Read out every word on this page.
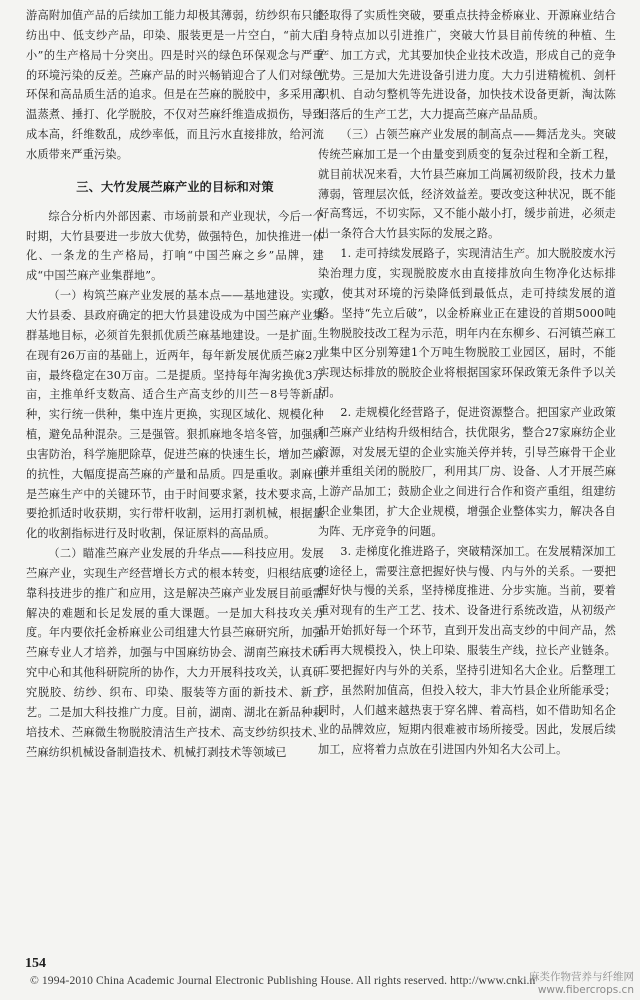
游高附加值产品的后续加工能力却极其薄弱，纺纱织布只能纺出中、低支纱产品，印染、服装更是一片空白，“前大后小”的生产格局十分突出。四是时兴的绿色环保观念与严重的环境污染的反差。苎麻产品的时兴畅销迎合了人们对绿色环保和高品质生活的追求。但是在苎麻的脱胶中，多采用高温蒸煮、捶打、化学脱胶，不仅对苎麻纤维造成损伤，导致成本高，纤维数乱，成纱率低，而且污水直接排放，给河流水质带来严重污染。

三、大竹发展苎麻产业的目标和对策

综合分析内外部因素、市场前景和产业现状，今后一个时期，大竹县要进一步放大优势，做强特色，加快推进一体化、一条龙的生产格局，打响“中国苎麻之乡”品牌，建成“中国苎麻产业集群地”。

（一）构筑苎麻产业发展的基本点——基地建设。实现大竹县委、县政府确定的把大竹县建设成为中国苎麻产业集群基地目标，必须首先狠抓优质苎麻基地建设。一是扩面。在现有26万亩的基础上，近两年，每年新发展优质苎麻2万亩，最终稳定在30万亩。二是提质。坚持每年淘劣换优3万亩，主推单纤支数高、适合生产高支纱的川苎－8号等新品种，实行统一供种，集中连片更换，实现区域化、规模化种植，避免品种混杂。三是强管。狠抓麻地冬培冬管，加强病虫害防治，科学施肥除草，促进苎麻的快速生长，增加苎麻的抗性，大幅度提高苎麻的产量和品质。四是重收。剥麻也是苎麻生产中的关键环节，由于时间要求紧，技术要求高，要抢抓适时收获期，实行带杆收割，运用打剥机械，根据量化的收割指标进行及时收割，保证原料的高品质。

（二）瞄准苎麻产业发展的升华点——科技应用。发展苎麻产业，实现生产经营增长方式的根本转变，归根结底要靠科技进步的推广和应用，这是解决苎麻产业发展目前亟需解决的难题和长足发展的重大课题。一是加大科技攻关力度。年内要依托金桥麻业公司组建大竹县苎麻研究所，加强苎麻专业人才培养，加强与中国麻纺协会、湖南苎麻技术研究中心和其他科研院所的协作，大力开展科技攻关，认真研究脱胶、纺纱、织布、印染、服装等方面的新技术、新工艺。二是加大科技推广力度。目前，湖南、湖北在新品种栽培技术、苎麻微生物脱胶清洁生产技术、高支纱纺织技术、苎麻纺织机械设备制造技术、机械打剥技术等领域已

经取得了实质性突破，要重点扶持金桥麻业、开源麻业结合自身特点加以引进推广，突破大竹县目前传统的种植、生产、加工方式，尤其要加快企业技术改造，形成自己的竞争优势。三是加大先进设备引进力度。大力引进精梳机、剑杆织机、自动匀整机等先进设备，加快技术设备更新，淘汰陈旧落后的生产工艺，大力提高苎麻产品品质。

（三）占领苎麻产业发展的制高点——舞活龙头。突破传统苎麻加工是一个由量变到质变的复杂过程和全新工程，就目前状况来看，大竹县苎麻加工尚属初级阶段，技术力量薄弱，管理层次低，经济效益差。要改变这种状况，既不能好高骛远，不切实际，又不能小敲小打，缓步前进，必须走出一条符合大竹县实际的发展之路。

1. 走可持续发展路子，实现清洁生产。加大脱胶废水污染治理力度，实现脱胶废水由直接排放向生物净化达标排放，使其对环境的污染降低到最低点，走可持续发展的道路。坚持“先立后破”，以金桥麻业正在建设的首期5000吨生物脱胶技改工程为示范，明年内在东柳乡、石河镇苎麻工业集中区分别筹建1个万吨生物脱胶工业园区，届时，不能实现达标排放的脱胶企业将根据国家环保政策无条件予以关闭。

2. 走规模化经营路子，促进资源整合。把国家产业政策和苎麻产业结构升级相结合，扶优限劣，整合27家麻纺企业资源，对发展无望的企业实施关停并转，引导苎麻骨干企业兼并重组关闭的脱胶厂，利用其厂房、设备、人才开展苎麻上游产品加工；鼓励企业之间进行合作和资产重组，组建纺织企业集团，扩大企业规模，增强企业整体实力，解决各自为阵、无序竞争的问题。

3. 走梯度化推进路子，突破精深加工。在发展精深加工的途径上，需要注意把握好快与慢、内与外的关系。一要把握好快与慢的关系，坚持梯度推进、分步实施。当前，要着重对现有的生产工艺、技术、设备进行系统改造，从初级产品开始抓好每一个环节，直到开发出高支纱的中间产品，然后再大规模投入，快上印染、服装生产线，拉长产业链条。二要把握好内与外的关系，坚持引进知名大企业。后整理工序，虽然附加值高，但投入较大，非大竹县企业所能承受；同时，人们越来越热衷于穿名牌、着高档，如不借助知名企业的品牌效应，短期内很难被市场所接受。因此，发展后续加工，应将着力点放在引进国内外知名大公司上。

154
© 1994-2010 China Academic Journal Electronic Publishing House. All rights reserved. http://www.cnki.n
麻类作物营养与纤维网
www.fibercrops.cn
